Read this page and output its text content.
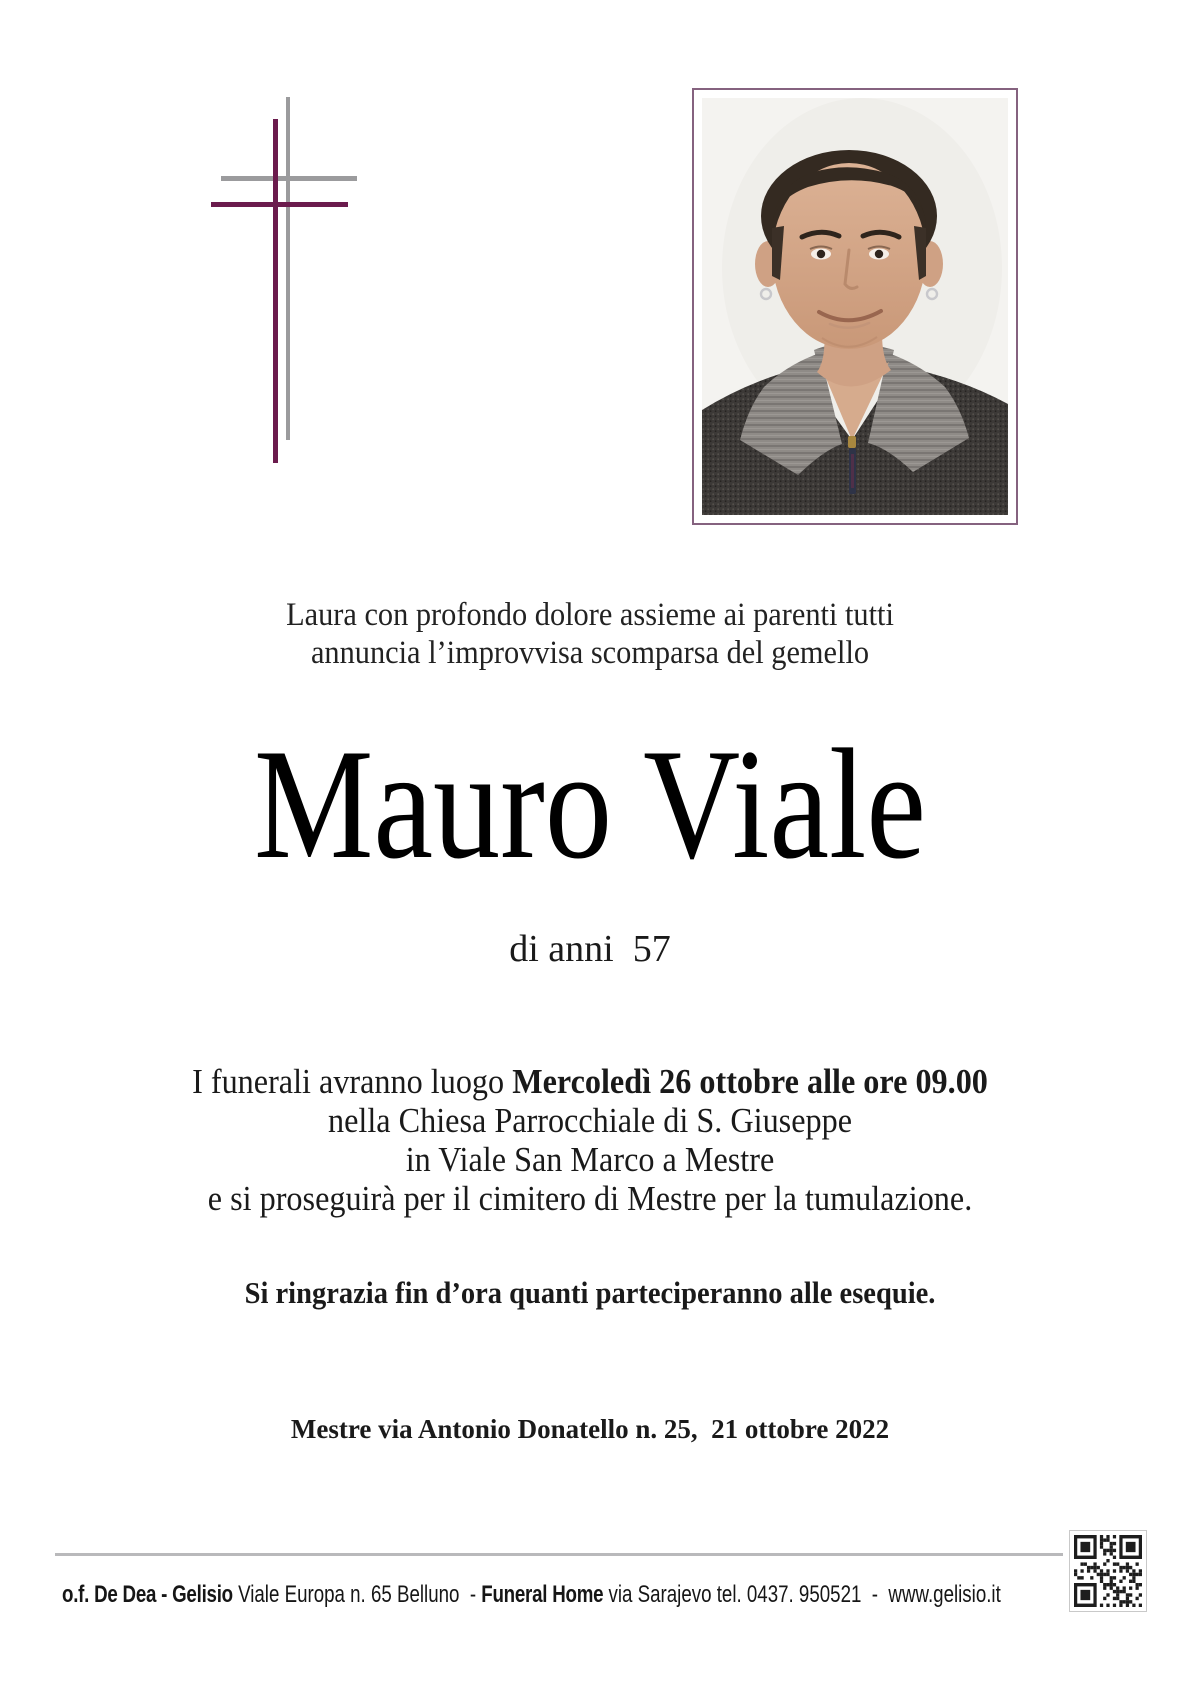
Laura con profondo dolore assieme ai parenti tutti
annuncia l’improvvisa scomparsa del gemello
Mauro Viale
di anni  57
I funerali avranno luogo Mercoledì 26 ottobre alle ore 09.00
nella Chiesa Parrocchiale di S. Giuseppe
in Viale San Marco a Mestre
e si proseguirà per il cimitero di Mestre per la tumulazione.
Si ringrazia fin d’ora quanti parteciperanno alle esequie.
Mestre via Antonio Donatello n. 25,  21 ottobre 2022
o.f. De Dea - Gelisio Viale Europa n. 65 Belluno  - Funeral Home via Sarajevo tel. 0437. 950521  -  www.gelisio.it
